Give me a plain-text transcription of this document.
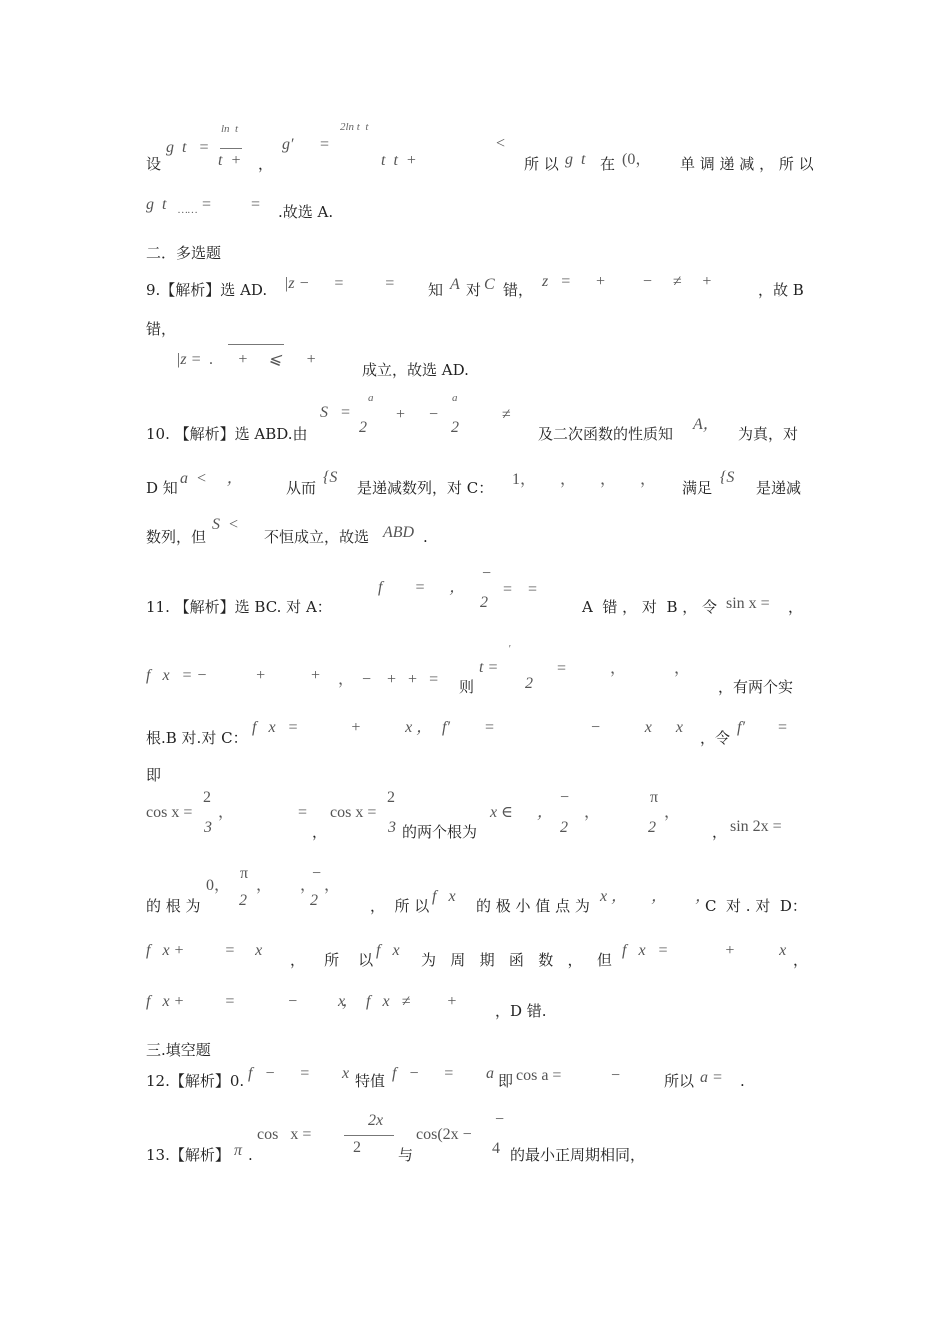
设
g  t   =
ln  t
t  + ，
g′ =
2ln t  t
t  t  +
<
所 以 g  t 在 (0， 单 调 递 减 ， 所 以
g  t …… =          = .故选 A.
二．多选题
9.【解析】选 AD. |z −      =          = 知 A 对 C 错， z   =      +         −     ≠     +	，故 B
错，
|z =  .      +     ⩽      +
成立，故选 AD.
a	a
S   =
2
+      −
2
≠
10. 【解析】选 ABD.由	及二次函数的性质知
A，
为真，对
D 知
a  <     ，
从而
{S
是递减数列，对 C： 1，      ，      ，      ， 满足
{S
是递减
数列，但
S  <
不恒成立，故选 ABD .
f        =      ，
−
2
=    =
11. 【解析】选 BC. 对 A：	A  错 ， 对  B ， 令 sin x = ，
'
f   x   = −            +           + ，  −    +   +   = 则
t =
2
=           ，            ，
，有两个实
根.B 对.对 C：
f   x   =             +           x ， f′ =	−           x      x
，令
f′ =
即
2
cos x =
3
，                =
，
2
cos x =
3 的两个根为
x ∈      ，
−
2
，
π
2
，
， sin 2x =
的 根 为
0，
π
2
，       ，
−
2
，
，  所 以
f   x
的 极 小 值 点 为
x ，      ，       ，
C  对 . 对  D：
f   x +          =     x
，    所    以
f   x
为   周   期   函   数   ，   但
f   x   =              +           x
，
f   x +          =             −          x
，  f   x   ≠         +
，D 错.
三.填空题
12.【解析】0. f   −      =        x 特值 f   −      =        a 即 cos a =	−	所以 a = .
13.【解析】 π .
cos   x =
2x
2 与
cos(2x −
−
4 的最小正周期相同，
